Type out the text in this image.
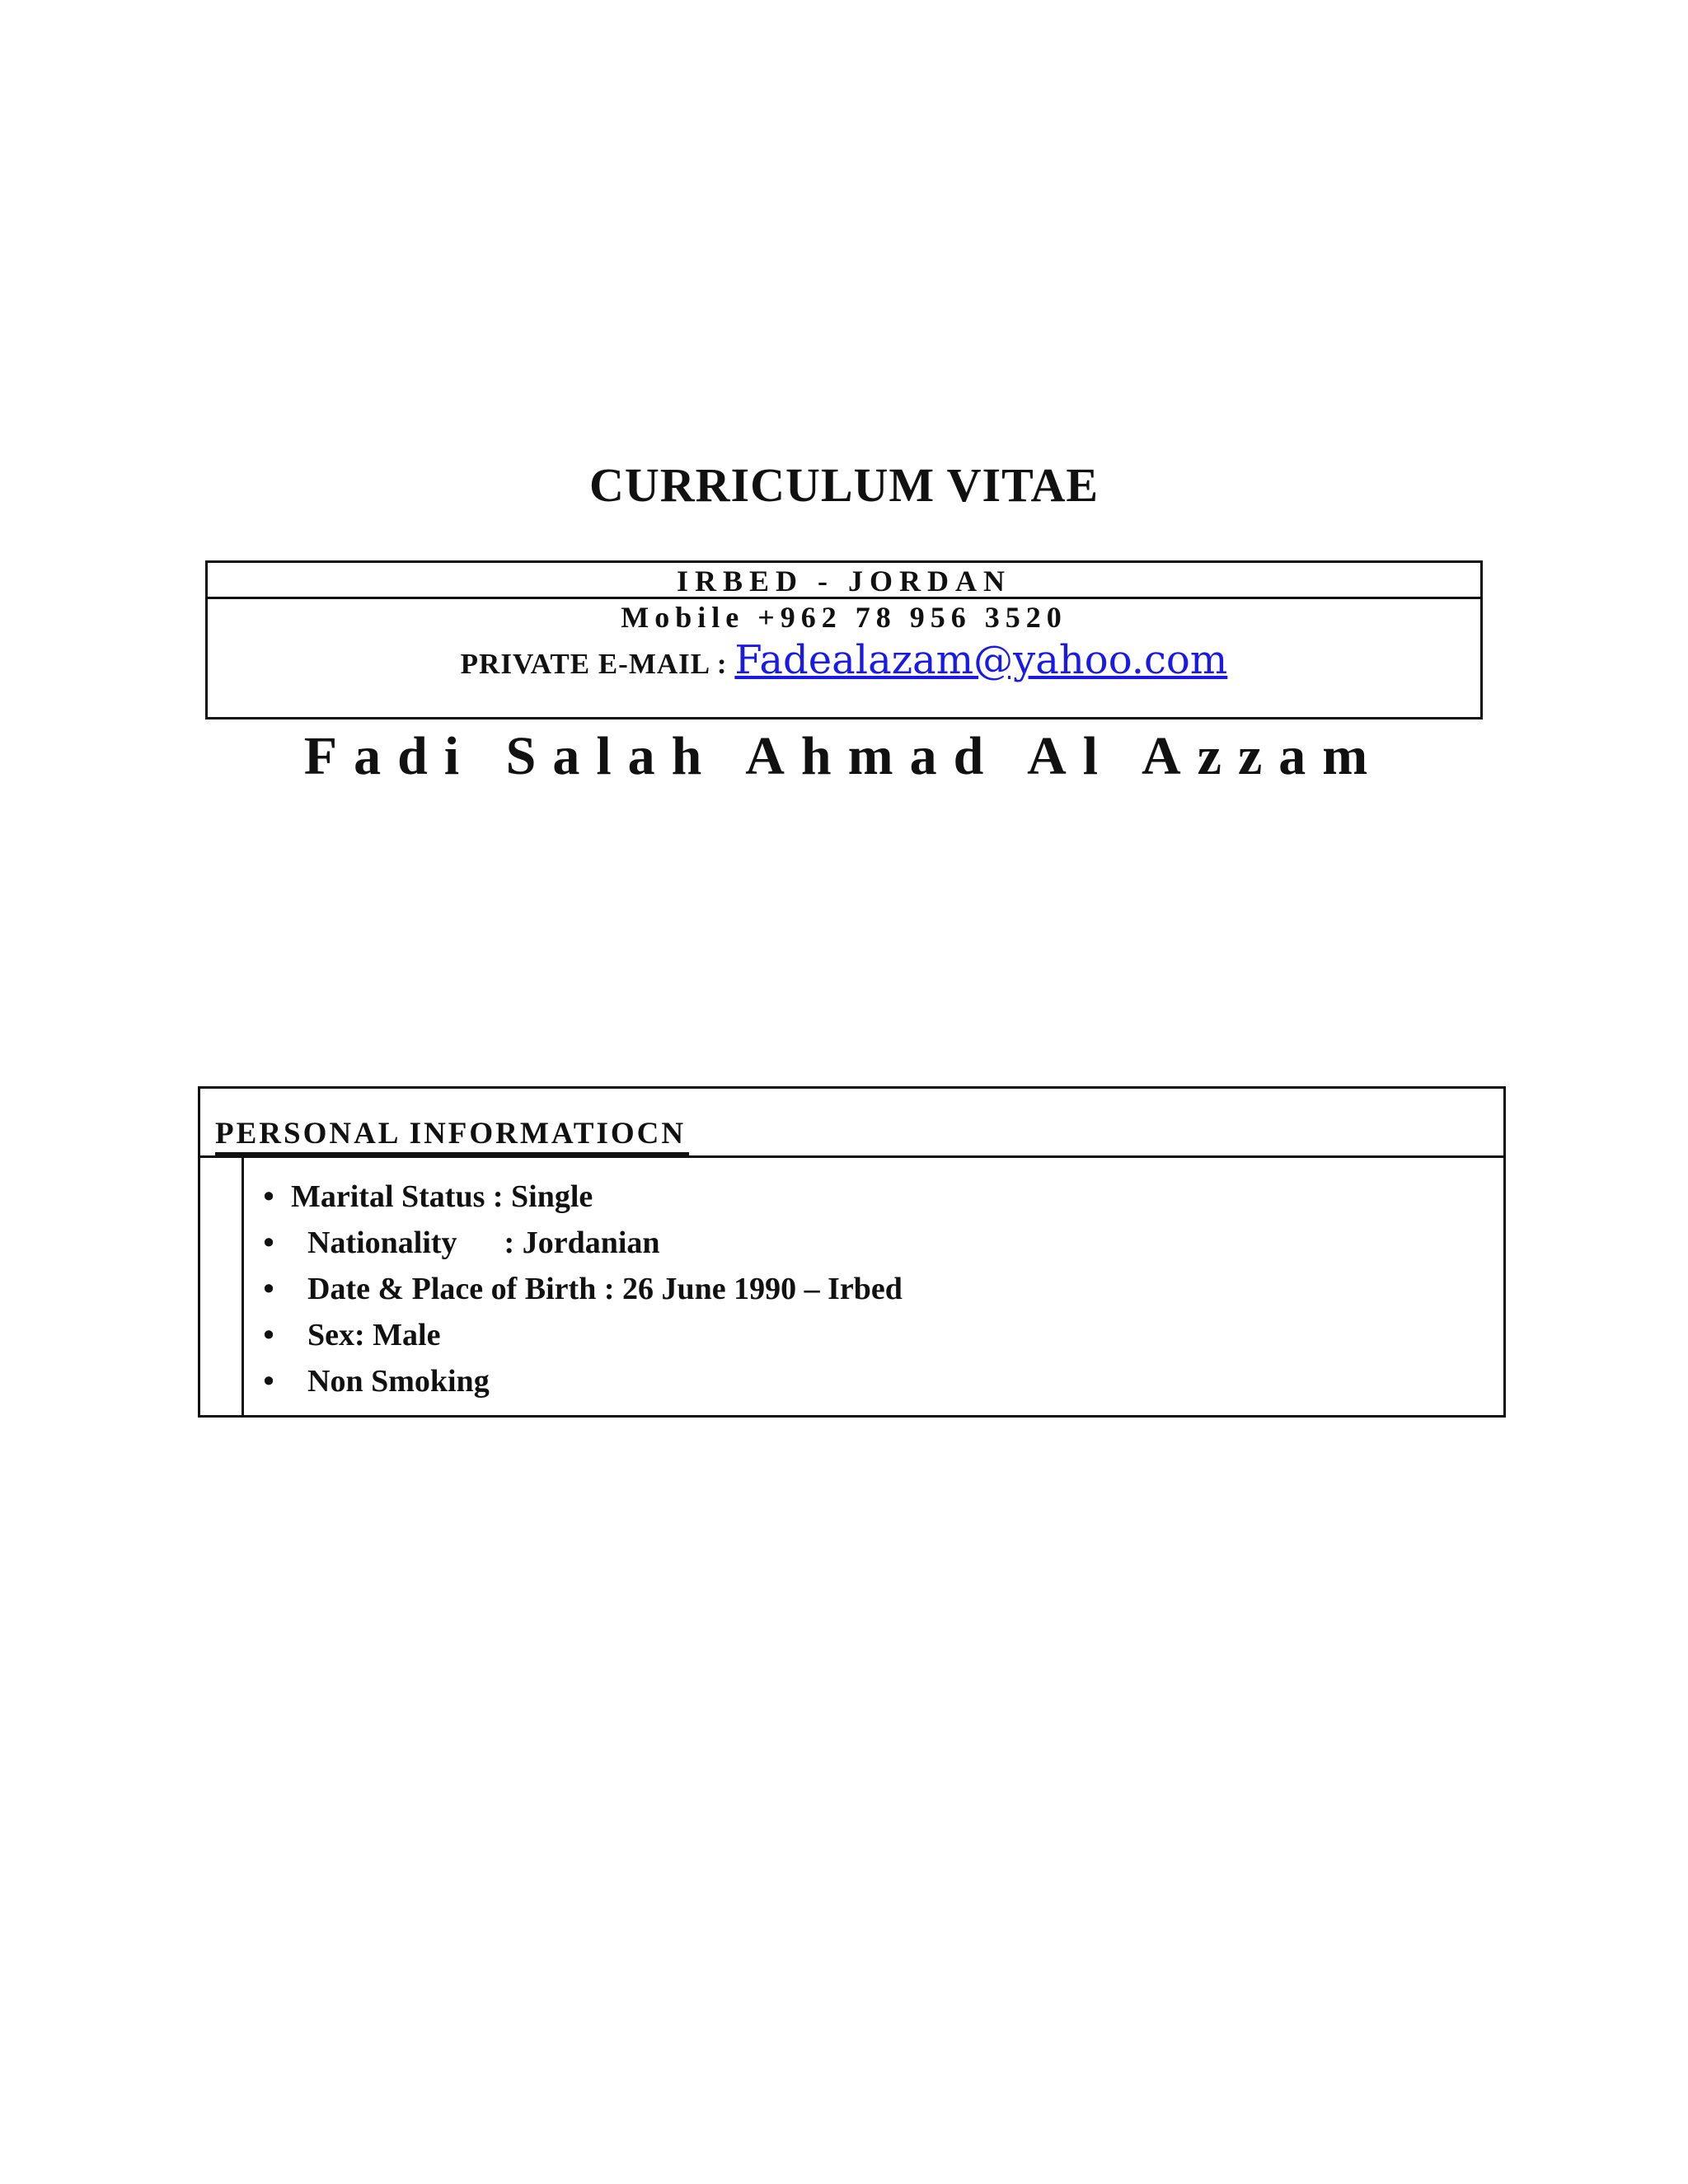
CURRICULUM VITAE
IRBED - JORDAN
Mobile +962 78 956 3520
PRIVATE E-MAIL : Fadealazam@yahoo.com
Fadi Salah Ahmad Al Azzam
PERSONAL INFORMATIOCN
• Marital Status : Single
• Nationality      : Jordanian
• Date & Place of Birth : 26 June 1990 – Irbed
• Sex: Male
• Non Smoking
